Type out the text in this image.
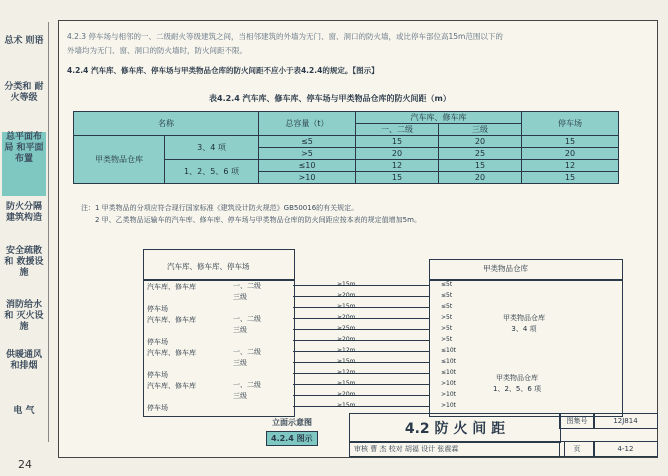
总术 则语
分类和 耐火等级
总平面布局 和平面布置
防火分隔 建筑构造
安全疏散和 救援设施
消防给水和 灭火设施
供暖通风 和排烟
电 气
24
4.2.3 停车场与相邻的一、二级耐火等级建筑之间，当相邻建筑的外墙为无门、窗、洞口的防火墙，或比停车部位高15m范围以下的
外墙均为无门、窗、洞口的防火墙时，防火间距不限。
4.2.4 汽车库、修车库、停车场与甲类物品仓库的防火间距不应小于表4.2.4的规定。【图示】
表4.2.4 汽车库、修车库、停车场与甲类物品仓库的防火间距（m）
名称		总容量（t）	汽车库、修车库		停车场
			一、二级	三级	
甲类物品仓库	3、4 项	≤5	15	20	15
		>5	20	25	20
	1、2、5、6 项	≤10	12	15	12
		>10	15	20	15
注：1 甲类物品的分项应符合现行国家标准《建筑设计防火规范》GB50016的有关规定。
2 甲、乙类物品运输车的汽车库、修车库、停车场与甲类物品仓库的防火间距应按本表的规定值增加5m。
汽车库、修车库、停车场	甲类物品仓库
汽车库、修车库	一、二级	≥15m	≤5t
三级	≥20m	≤5t
停车场	≥15m	≤5t
汽车库、修车库	一、二级	≥20m	>5t
三级	≥25m	>5t
停车场	≥20m	>5t
汽车库、修车库	一、二级	≥12m	≤10t
三级	≥15m	≤10t
停车场	≥12m	≤10t
汽车库、修车库	一、二级	≥15m	>10t
三级	≥20m	>10t
停车场	≥15m	>10t
甲类物品仓库
3、4 项
甲类物品仓库
1、2、5、6 项
立面示意图
4.2.4 图示
4.2 防 火 间 距	图集号	12J814
页	4-12
审核 曹 杰 校对 胡福 设计 张震霖
